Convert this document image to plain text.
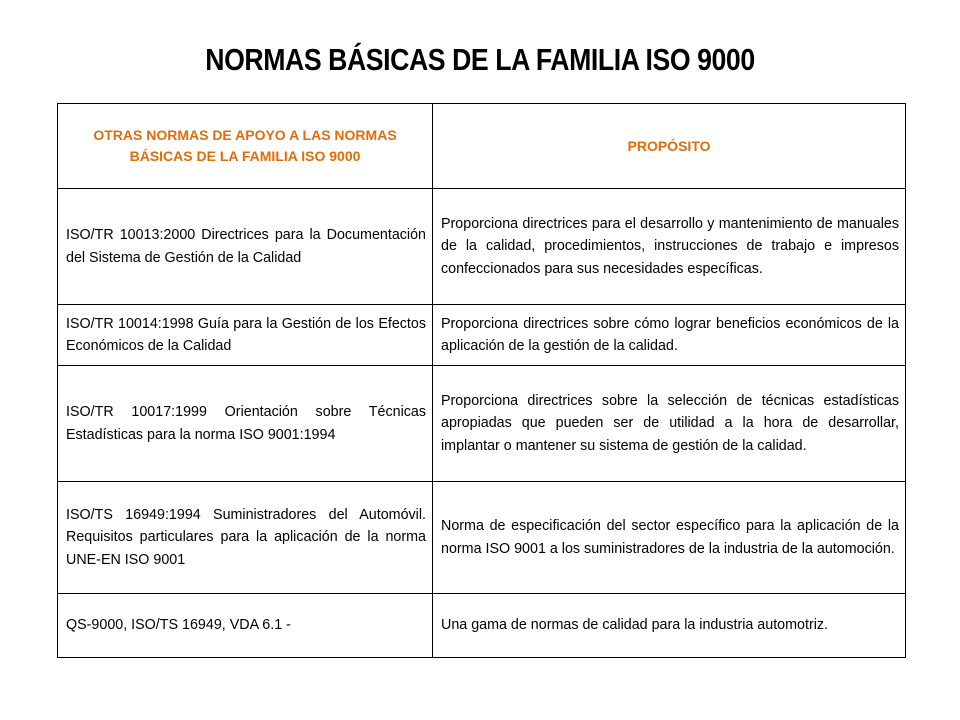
NORMAS BÁSICAS DE LA FAMILIA ISO 9000
OTRAS NORMAS DE APOYO A LAS NORMAS BÁSICAS DE LA FAMILIA ISO 9000	PROPÓSITO
ISO/TR 10013:2000 Directrices para la Documentación del Sistema de Gestión de la Calidad	Proporciona directrices para el desarrollo y mantenimiento de manuales de la calidad, procedimientos, instrucciones de trabajo e impresos confeccionados para sus necesidades específicas.
ISO/TR 10014:1998 Guía para la Gestión de los Efectos Económicos de la Calidad	Proporciona directrices sobre cómo lograr beneficios económicos de la aplicación de la gestión de la calidad.
ISO/TR 10017:1999 Orientación sobre Técnicas Estadísticas para la norma ISO 9001:1994	Proporciona directrices sobre la selección de técnicas estadísticas apropiadas que pueden ser de utilidad a la hora de desarrollar, implantar o mantener su sistema de gestión de la calidad.
ISO/TS 16949:1994 Suministradores del Automóvil. Requisitos particulares para la aplicación de la norma UNE-EN ISO 9001	Norma de especificación del sector específico para la aplicación de la norma ISO 9001 a los suministradores de la industria de la automoción.
QS-9000, ISO/TS 16949, VDA 6.1 -	Una gama de normas de calidad para la industria automotriz.
